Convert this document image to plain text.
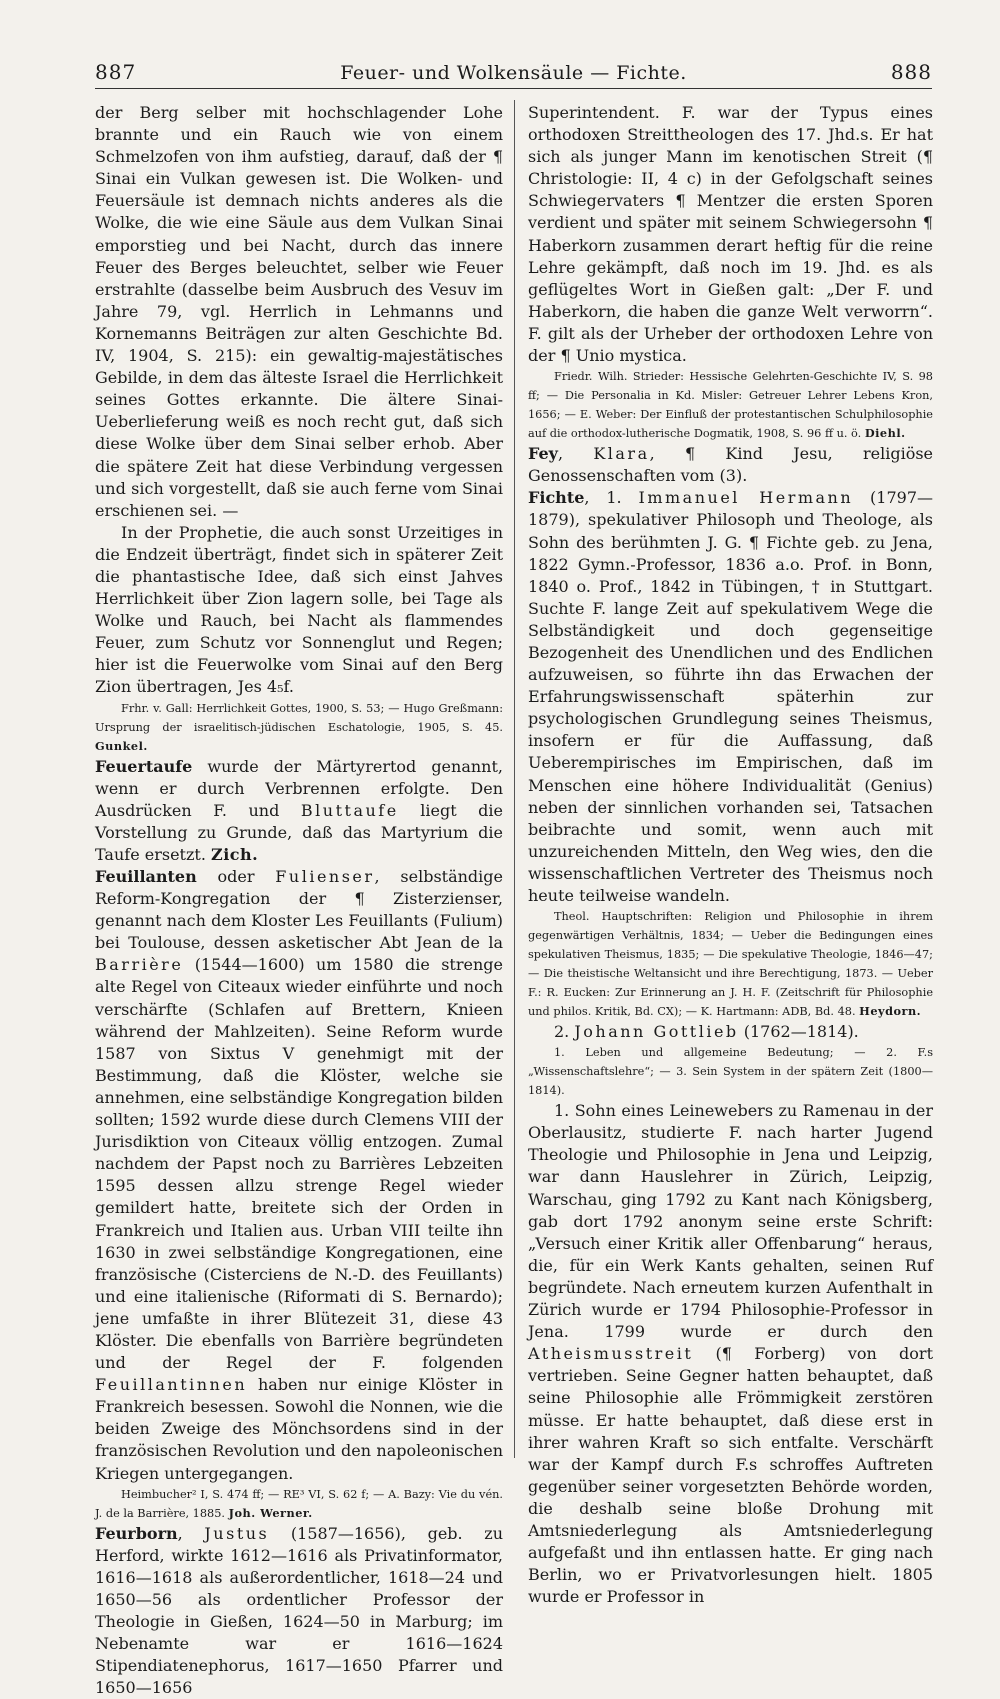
887	Feuer- und Wolkensäule — Fichte.	888

der Berg selber mit hochschlagender Lohe brannte und ein Rauch wie von einem Schmelzofen von ihm aufstieg, darauf, daß der ¶ Sinai ein Vulkan gewesen ist. Die Wolken- und Feuersäule ist demnach nichts anderes als die Wolke, die wie eine Säule aus dem Vulkan Sinai emporstieg und bei Nacht, durch das innere Feuer des Berges beleuchtet, selber wie Feuer erstrahlte (dasselbe beim Ausbruch des Vesuv im Jahre 79, vgl. Herrlich in Lehmanns und Kornemanns Beiträgen zur alten Geschichte Bd. IV, 1904, S. 215): ein gewaltig-majestätisches Gebilde, in dem das älteste Israel die Herrlichkeit seines Gottes erkannte. Die ältere Sinai-Ueberlieferung weiß es noch recht gut, daß sich diese Wolke über dem Sinai selber erhob. Aber die spätere Zeit hat diese Verbindung vergessen und sich vorgestellt, daß sie auch ferne vom Sinai erschienen sei. —

In der Prophetie, die auch sonst Urzeitiges in die Endzeit überträgt, findet sich in späterer Zeit die phantastische Idee, daß sich einst Jahves Herrlichkeit über Zion lagern solle, bei Tage als Wolke und Rauch, bei Nacht als flammendes Feuer, zum Schutz vor Sonnenglut und Regen; hier ist die Feuerwolke vom Sinai auf den Berg Zion übertragen, Jes 4₅f.

Frhr. v. Gall: Herrlichkeit Gottes, 1900, S. 53; — Hugo Greßmann: Ursprung der israelitisch-jüdischen Eschatologie, 1905, S. 45. Gunkel.

Feuertaufe wurde der Märtyrertod genannt, wenn er durch Verbrennen erfolgte. Den Ausdrücken F. und Bluttaufe liegt die Vorstellung zu Grunde, daß das Martyrium die Taufe ersetzt. Zich.

Feuillanten oder Fulienser, selbständige Reform-Kongregation der ¶ Zisterzienser, genannt nach dem Kloster Les Feuillants (Fulium) bei Toulouse, dessen asketischer Abt Jean de la Barrière (1544—1600) um 1580 die strenge alte Regel von Citeaux wieder einführte und noch verschärfte (Schlafen auf Brettern, Knieen während der Mahlzeiten). Seine Reform wurde 1587 von Sixtus V genehmigt mit der Bestimmung, daß die Klöster, welche sie annehmen, eine selbständige Kongregation bilden sollten; 1592 wurde diese durch Clemens VIII der Jurisdiktion von Citeaux völlig entzogen. Zumal nachdem der Papst noch zu Barrières Lebzeiten 1595 dessen allzu strenge Regel wieder gemildert hatte, breitete sich der Orden in Frankreich und Italien aus. Urban VIII teilte ihn 1630 in zwei selbständige Kongregationen, eine französische (Cisterciens de N.-D. des Feuillants) und eine italienische (Riformati di S. Bernardo); jene umfaßte in ihrer Blütezeit 31, diese 43 Klöster. Die ebenfalls von Barrière begründeten und der Regel der F. folgenden Feuillantinnen haben nur einige Klöster in Frankreich besessen. Sowohl die Nonnen, wie die beiden Zweige des Mönchsordens sind in der französischen Revolution und den napoleonischen Kriegen untergegangen.

Heimbucher² I, S. 474 ff; — RE³ VI, S. 62 f; — A. Bazy: Vie du vén. J. de la Barrière, 1885. Joh. Werner.

Feurborn, Justus (1587—1656), geb. zu Herford, wirkte 1612—1616 als Privatinformator, 1616—1618 als außerordentlicher, 1618—24 und 1650—56 als ordentlicher Professor der Theologie in Gießen, 1624—50 in Marburg; im Nebenamte war er 1616—1624 Stipendiatenephorus, 1617—1650 Pfarrer und 1650—1656

Superintendent. F. war der Typus eines orthodoxen Streittheologen des 17. Jhd.s. Er hat sich als junger Mann im kenotischen Streit (¶ Christologie: II, 4 c) in der Gefolgschaft seines Schwiegervaters ¶ Mentzer die ersten Sporen verdient und später mit seinem Schwiegersohn ¶ Haberkorn zusammen derart heftig für die reine Lehre gekämpft, daß noch im 19. Jhd. es als geflügeltes Wort in Gießen galt: „Der F. und Haberkorn, die haben die ganze Welt verworrn“. F. gilt als der Urheber der orthodoxen Lehre von der ¶ Unio mystica.

Friedr. Wilh. Strieder: Hessische Gelehrten-Geschichte IV, S. 98 ff; — Die Personalia in Kd. Misler: Getreuer Lehrer Lebens Kron, 1656; — E. Weber: Der Einfluß der protestantischen Schulphilosophie auf die orthodox-lutherische Dogmatik, 1908, S. 96 ff u. ö. Diehl.

Fey, Klara, ¶ Kind Jesu, religiöse Genossenschaften vom (3).

Fichte, 1. Immanuel Hermann (1797—1879), spekulativer Philosoph und Theologe, als Sohn des berühmten J. G. ¶ Fichte geb. zu Jena, 1822 Gymn.-Professor, 1836 a.o. Prof. in Bonn, 1840 o. Prof., 1842 in Tübingen, † in Stuttgart. Suchte F. lange Zeit auf spekulativem Wege die Selbständigkeit und doch gegenseitige Bezogenheit des Unendlichen und des Endlichen aufzuweisen, so führte ihn das Erwachen der Erfahrungswissenschaft späterhin zur psychologischen Grundlegung seines Theismus, insofern er für die Auffassung, daß Ueberempirisches im Empirischen, daß im Menschen eine höhere Individualität (Genius) neben der sinnlichen vorhanden sei, Tatsachen beibrachte und somit, wenn auch mit unzureichenden Mitteln, den Weg wies, den die wissenschaftlichen Vertreter des Theismus noch heute teilweise wandeln.

Theol. Hauptschriften: Religion und Philosophie in ihrem gegenwärtigen Verhältnis, 1834; — Ueber die Bedingungen eines spekulativen Theismus, 1835; — Die spekulative Theologie, 1846—47; — Die theistische Weltansicht und ihre Berechtigung, 1873. — Ueber F.: R. Eucken: Zur Erinnerung an J. H. F. (Zeitschrift für Philosophie und philos. Kritik, Bd. CX); — K. Hartmann: ADB, Bd. 48. Heydorn.

2. Johann Gottlieb (1762—1814).

1. Leben und allgemeine Bedeutung; — 2. F.s „Wissenschaftslehre“; — 3. Sein System in der spätern Zeit (1800—1814).

1. Sohn eines Leinewebers zu Ramenau in der Oberlausitz, studierte F. nach harter Jugend Theologie und Philosophie in Jena und Leipzig, war dann Hauslehrer in Zürich, Leipzig, Warschau, ging 1792 zu Kant nach Königsberg, gab dort 1792 anonym seine erste Schrift: „Versuch einer Kritik aller Offenbarung“ heraus, die, für ein Werk Kants gehalten, seinen Ruf begründete. Nach erneutem kurzen Aufenthalt in Zürich wurde er 1794 Philosophie-Professor in Jena. 1799 wurde er durch den Atheismusstreit (¶ Forberg) von dort vertrieben. Seine Gegner hatten behauptet, daß seine Philosophie alle Frömmigkeit zerstören müsse. Er hatte behauptet, daß diese erst in ihrer wahren Kraft so sich entfalte. Verschärft war der Kampf durch F.s schroffes Auftreten gegenüber seiner vorgesetzten Behörde worden, die deshalb seine bloße Drohung mit Amtsniederlegung als Amtsniederlegung aufgefaßt und ihn entlassen hatte. Er ging nach Berlin, wo er Privatvorlesungen hielt. 1805 wurde er Professor in
